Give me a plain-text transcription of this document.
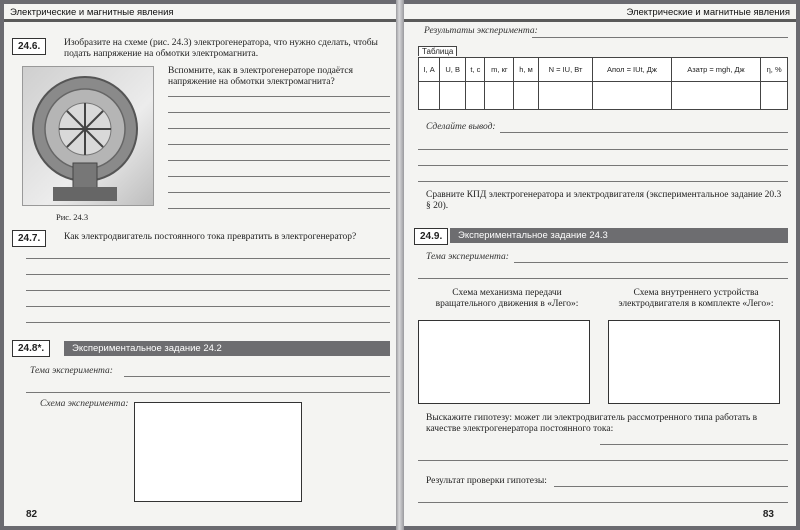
Электрические и магнитные явления
24.6.	Изобразите на схеме (рис. 24.3) электрогенератора, что нужно сделать, чтобы подать напряжение на обмотки электромагнита.
Рис. 24.3
Вспомните, как в электрогенераторе подаётся напряжение на обмотки электромагнита?
24.7.	Как электродвигатель постоянного тока превратить в электрогенератор?
24.8*.	Экспериментальное задание 24.2
Тема эксперимента:
Схема эксперимента:
82
Электрические и магнитные явления
Результаты эксперимента:
Таблица
I, А	U, В	t, с	m, кг	h, м	N = IU, Вт	Aпол = IUt, Дж	Aзатр = mgh, Дж	η, %

Сделайте вывод:
Сравните КПД электрогенератора и электродвигателя (экспериментальное задание 20.3 § 20).
24.9.	Экспериментальное задание 24.3
Тема эксперимента:
Схема механизма передачи вращательного движения в «Лего»:
Схема внутреннего устройства электродвигателя в комплекте «Лего»:
Выскажите гипотезу: может ли электродвигатель рассмотренного типа работать в качестве электрогенератора постоянного тока:
Результат проверки гипотезы:
83
